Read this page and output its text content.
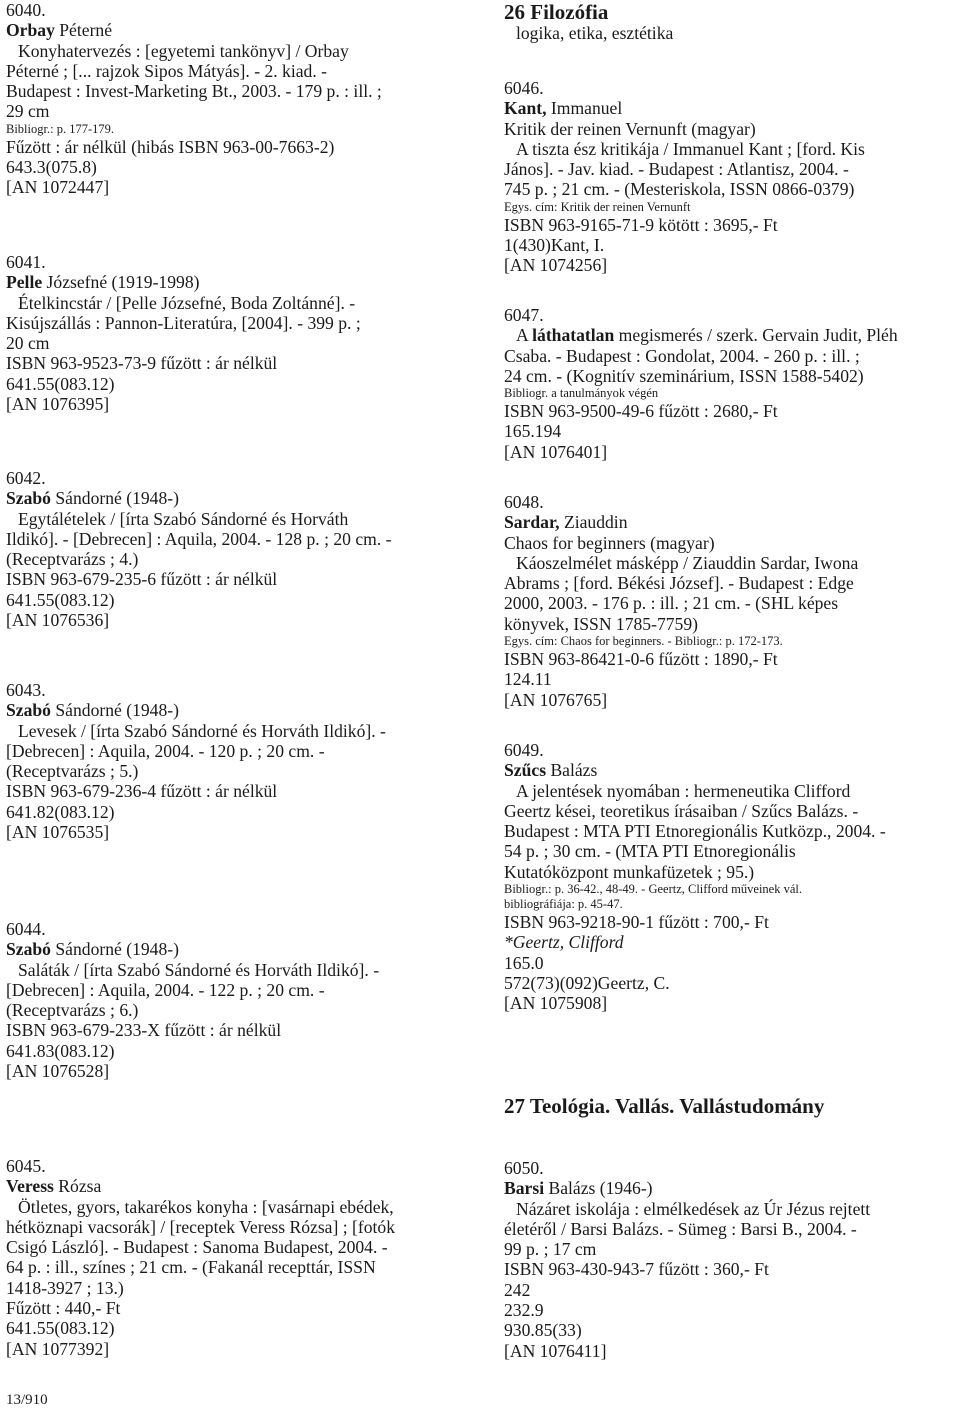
6040.
Orbay Péterné
Konyhatervezés : [egyetemi tankönyv] / Orbay
Péterné ; [... rajzok Sipos Mátyás]. - 2. kiad. -
Budapest : Invest-Marketing Bt., 2003. - 179 p. : ill. ;
29 cm
Bibliogr.: p. 177-179.
Fűzött : ár nélkül (hibás ISBN 963-00-7663-2)
643.3(075.8)
[AN 1072447]
6041.
Pelle Józsefné (1919-1998)
Ételkincstár / [Pelle Józsefné, Boda Zoltánné]. -
Kisújszállás : Pannon-Literatúra, [2004]. - 399 p. ;
20 cm
ISBN 963-9523-73-9 fűzött : ár nélkül
641.55(083.12)
[AN 1076395]
6042.
Szabó Sándorné (1948-)
Egytálételek / [írta Szabó Sándorné és Horváth
Ildikó]. - [Debrecen] : Aquila, 2004. - 128 p. ; 20 cm. -
(Receptvarázs ; 4.)
ISBN 963-679-235-6 fűzött : ár nélkül
641.55(083.12)
[AN 1076536]
6043.
Szabó Sándorné (1948-)
Levesek / [írta Szabó Sándorné és Horváth Ildikó]. -
[Debrecen] : Aquila, 2004. - 120 p. ; 20 cm. -
(Receptvarázs ; 5.)
ISBN 963-679-236-4 fűzött : ár nélkül
641.82(083.12)
[AN 1076535]
6044.
Szabó Sándorné (1948-)
Saláták / [írta Szabó Sándorné és Horváth Ildikó]. -
[Debrecen] : Aquila, 2004. - 122 p. ; 20 cm. -
(Receptvarázs ; 6.)
ISBN 963-679-233-X fűzött : ár nélkül
641.83(083.12)
[AN 1076528]
6045.
Veress Rózsa
Ötletes, gyors, takarékos konyha : [vasárnapi ebédek,
hétköznapi vacsorák] / [receptek Veress Rózsa] ; [fotók
Csigó László]. - Budapest : Sanoma Budapest, 2004. -
64 p. : ill., színes ; 21 cm. - (Fakanál recepttár, ISSN
1418-3927 ; 13.)
Fűzött : 440,- Ft
641.55(083.12)
[AN 1077392]
26 Filozófia
logika, etika, esztétika
6046.
Kant, Immanuel
Kritik der reinen Vernunft (magyar)
A tiszta ész kritikája / Immanuel Kant ; [ford. Kis
János]. - Jav. kiad. - Budapest : Atlantisz, 2004. -
745 p. ; 21 cm. - (Mesteriskola, ISSN 0866-0379)
Egys. cím: Kritik der reinen Vernunft
ISBN 963-9165-71-9 kötött : 3695,- Ft
1(430)Kant, I.
[AN 1074256]
6047.
A láthatatlan megismerés / szerk. Gervain Judit, Pléh
Csaba. - Budapest : Gondolat, 2004. - 260 p. : ill. ;
24 cm. - (Kognitív szeminárium, ISSN 1588-5402)
Bibliogr. a tanulmányok végén
ISBN 963-9500-49-6 fűzött : 2680,- Ft
165.194
[AN 1076401]
6048.
Sardar, Ziauddin
Chaos for beginners (magyar)
Káoszelmélet másképp / Ziauddin Sardar, Iwona
Abrams ; [ford. Békési József]. - Budapest : Edge
2000, 2003. - 176 p. : ill. ; 21 cm. - (SHL képes
könyvek, ISSN 1785-7759)
Egys. cím: Chaos for beginners. - Bibliogr.: p. 172-173.
ISBN 963-86421-0-6 fűzött : 1890,- Ft
124.11
[AN 1076765]
6049.
Szűcs Balázs
A jelentések nyomában : hermeneutika Clifford
Geertz kései, teoretikus írásaiban / Szűcs Balázs. -
Budapest : MTA PTI Etnoregionális Kutközp., 2004. -
54 p. ; 30 cm. - (MTA PTI Etnoregionális
Kutatóközpont munkafüzetek ; 95.)
Bibliogr.: p. 36-42., 48-49. - Geertz, Clifford műveinek vál.
bibliográfiája: p. 45-47.
ISBN 963-9218-90-1 fűzött : 700,- Ft
*Geertz, Clifford
165.0
572(73)(092)Geertz, C.
[AN 1075908]
27 Teológia. Vallás. Vallástudomány
6050.
Barsi Balázs (1946-)
Názáret iskolája : elmélkedések az Úr Jézus rejtett
életéről / Barsi Balázs. - Sümeg : Barsi B., 2004. -
99 p. ; 17 cm
ISBN 963-430-943-7 fűzött : 360,- Ft
242
232.9
930.85(33)
[AN 1076411]
13/910
